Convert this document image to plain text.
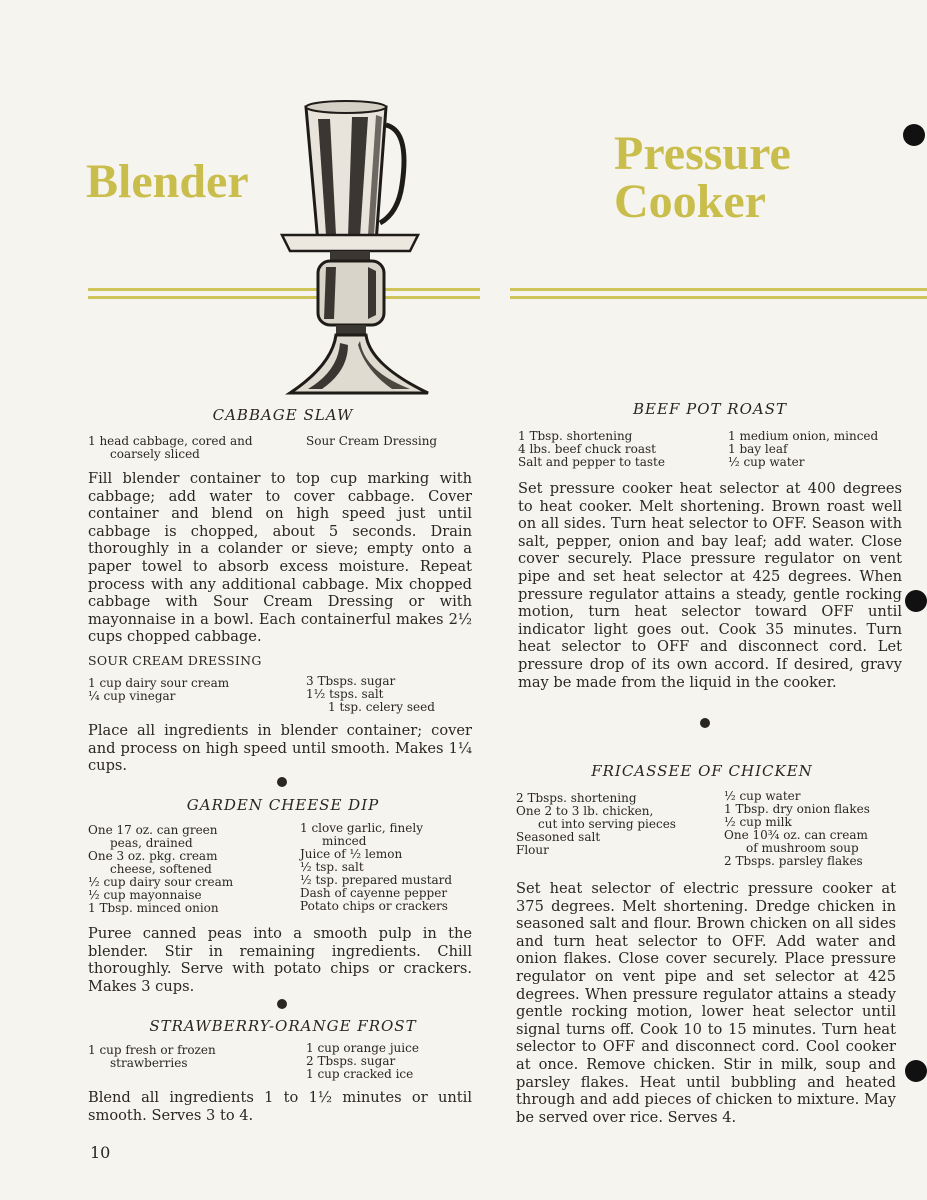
Blender
Pressure
Cooker
CABBAGE SLAW
1 head cabbage, cored and
coarsely sliced
Sour Cream Dressing
Fill blender container to top cup marking with cabbage; add water to cover cabbage. Cover container and blend on high speed just until cabbage is chopped, about 5 seconds. Drain thoroughly in a colander or sieve; empty onto a paper towel to absorb excess moisture. Repeat process with any additional cabbage. Mix chopped cabbage with Sour Cream Dressing or with mayonnaise in a bowl. Each containerful makes 2½ cups chopped cabbage.
SOUR CREAM DRESSING
1 cup dairy sour cream
¼ cup vinegar
3 Tbsps. sugar
1½ tsps. salt
1 tsp. celery seed
Place all ingredients in blender container; cover and process on high speed until smooth. Makes 1¼ cups.
GARDEN CHEESE DIP
One 17 oz. can green
peas, drained
One 3 oz. pkg. cream
cheese, softened
½ cup dairy sour cream
½ cup mayonnaise
1 Tbsp. minced onion
1 clove garlic, finely
minced
Juice of ½ lemon
½ tsp. salt
½ tsp. prepared mustard
Dash of cayenne pepper
Potato chips or crackers
Puree canned peas into a smooth pulp in the blender. Stir in remaining ingredients. Chill thoroughly. Serve with potato chips or crackers. Makes 3 cups.
STRAWBERRY-ORANGE FROST
1 cup fresh or frozen
strawberries
1 cup orange juice
2 Tbsps. sugar
1 cup cracked ice
Blend all ingredients 1 to 1½ minutes or until smooth. Serves 3 to 4.
10
BEEF POT ROAST
1 Tbsp. shortening
4 lbs. beef chuck roast
Salt and pepper to taste
1 medium onion, minced
1 bay leaf
½ cup water
Set pressure cooker heat selector at 400 degrees to heat cooker. Melt shortening. Brown roast well on all sides. Turn heat selector to OFF. Season with salt, pepper, onion and bay leaf; add water. Close cover securely. Place pressure regulator on vent pipe and set heat selector at 425 degrees. When pressure regulator attains a steady, gentle rocking motion, turn heat selector toward OFF until indicator light goes out. Cook 35 minutes. Turn heat selector to OFF and disconnect cord. Let pressure drop of its own accord. If desired, gravy may be made from the liquid in the cooker.
FRICASSEE OF CHICKEN
2 Tbsps. shortening
One 2 to 3 lb. chicken,
cut into serving pieces
Seasoned salt
Flour
½ cup water
1 Tbsp. dry onion flakes
½ cup milk
One 10¾ oz. can cream
of mushroom soup
2 Tbsps. parsley flakes
Set heat selector of electric pressure cooker at 375 degrees. Melt shortening. Dredge chicken in seasoned salt and flour. Brown chicken on all sides and turn heat selector to OFF. Add water and onion flakes. Close cover securely. Place pressure regulator on vent pipe and set selector at 425 degrees. When pressure regulator attains a steady gentle rocking motion, lower heat selector until signal turns off. Cook 10 to 15 minutes. Turn heat selector to OFF and disconnect cord. Cool cooker at once. Remove chicken. Stir in milk, soup and parsley flakes. Heat until bubbling and heated through and add pieces of chicken to mixture. May be served over rice. Serves 4.
